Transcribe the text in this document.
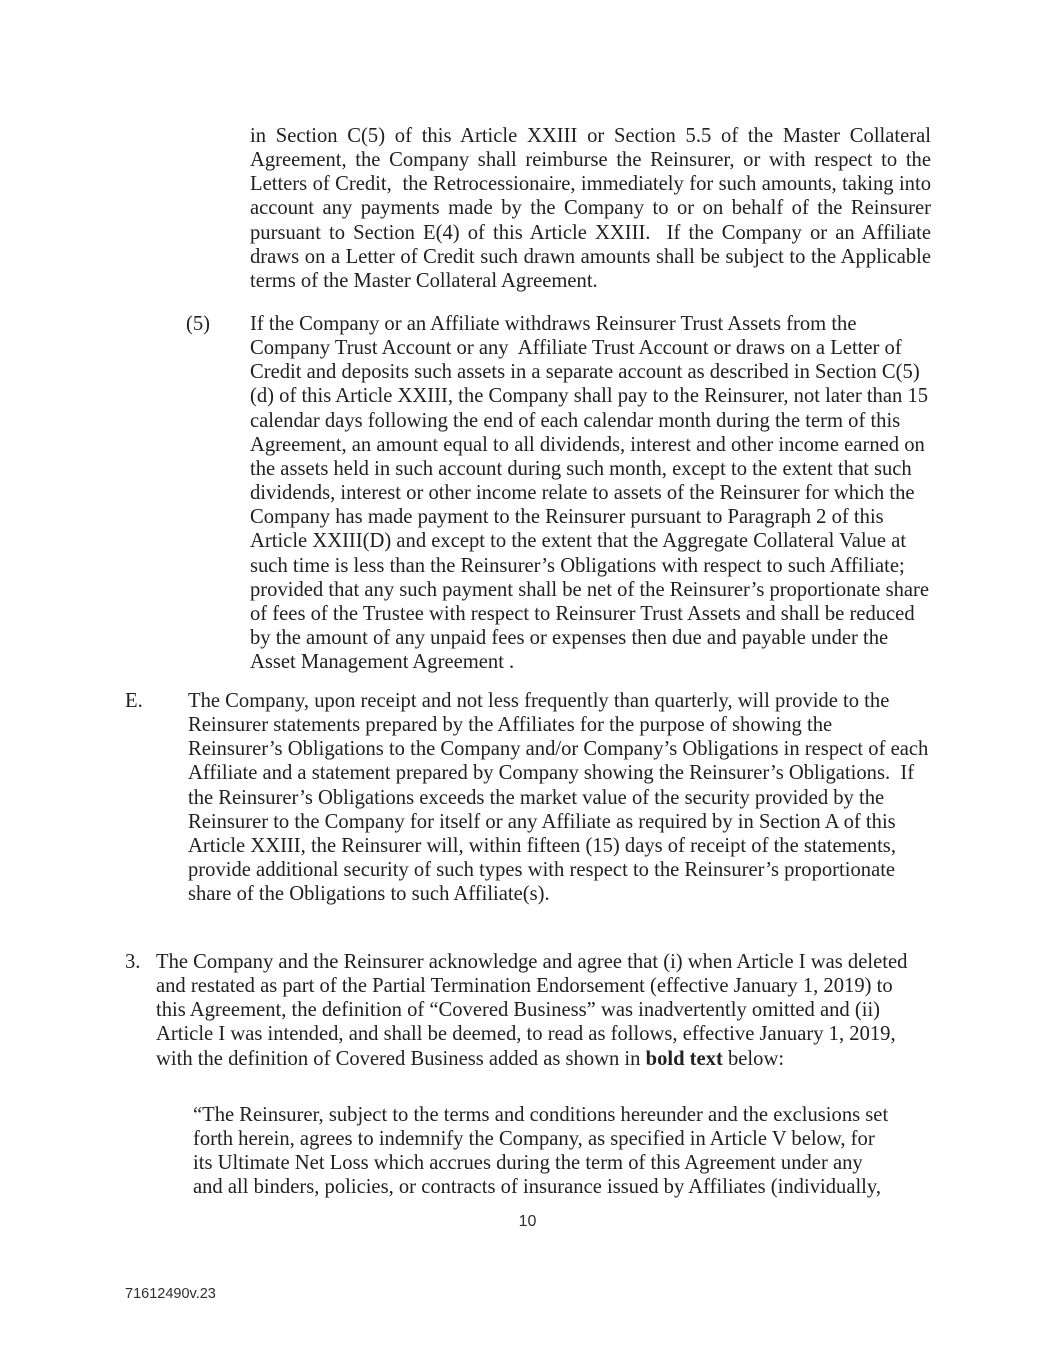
in Section C(5) of this Article XXIII or Section 5.5 of the Master Collateral Agreement, the Company shall reimburse the Reinsurer, or with respect to the Letters of Credit,  the Retrocessionaire, immediately for such amounts, taking into account any payments made by the Company to or on behalf of the Reinsurer pursuant to Section E(4) of this Article XXIII.  If the Company or an Affiliate draws on a Letter of Credit such drawn amounts shall be subject to the Applicable terms of the Master Collateral Agreement.
(5) If the Company or an Affiliate withdraws Reinsurer Trust Assets from the Company Trust Account or any  Affiliate Trust Account or draws on a Letter of Credit and deposits such assets in a separate account as described in Section C(5)(d) of this Article XXIII, the Company shall pay to the Reinsurer, not later than 15 calendar days following the end of each calendar month during the term of this Agreement, an amount equal to all dividends, interest and other income earned on the assets held in such account during such month, except to the extent that such dividends, interest or other income relate to assets of the Reinsurer for which the Company has made payment to the Reinsurer pursuant to Paragraph 2 of this Article XXIII(D) and except to the extent that the Aggregate Collateral Value at such time is less than the Reinsurer’s Obligations with respect to such Affiliate; provided that any such payment shall be net of the Reinsurer’s proportionate share of fees of the Trustee with respect to Reinsurer Trust Assets and shall be reduced by the amount of any unpaid fees or expenses then due and payable under the Asset Management Agreement .
E. The Company, upon receipt and not less frequently than quarterly, will provide to the Reinsurer statements prepared by the Affiliates for the purpose of showing the Reinsurer’s Obligations to the Company and/or Company’s Obligations in respect of each Affiliate and a statement prepared by Company showing the Reinsurer’s Obligations.  If the Reinsurer’s Obligations exceeds the market value of the security provided by the Reinsurer to the Company for itself or any Affiliate as required by in Section A of this Article XXIII, the Reinsurer will, within fifteen (15) days of receipt of the statements, provide additional security of such types with respect to the Reinsurer’s proportionate share of the Obligations to such Affiliate(s).
3. The Company and the Reinsurer acknowledge and agree that (i) when Article I was deleted and restated as part of the Partial Termination Endorsement (effective January 1, 2019) to this Agreement, the definition of “Covered Business” was inadvertently omitted and (ii) Article I was intended, and shall be deemed, to read as follows, effective January 1, 2019, with the definition of Covered Business added as shown in bold text below:
“The Reinsurer, subject to the terms and conditions hereunder and the exclusions set forth herein, agrees to indemnify the Company, as specified in Article V below, for its Ultimate Net Loss which accrues during the term of this Agreement under any and all binders, policies, or contracts of insurance issued by Affiliates (individually,
10
71612490v.23
